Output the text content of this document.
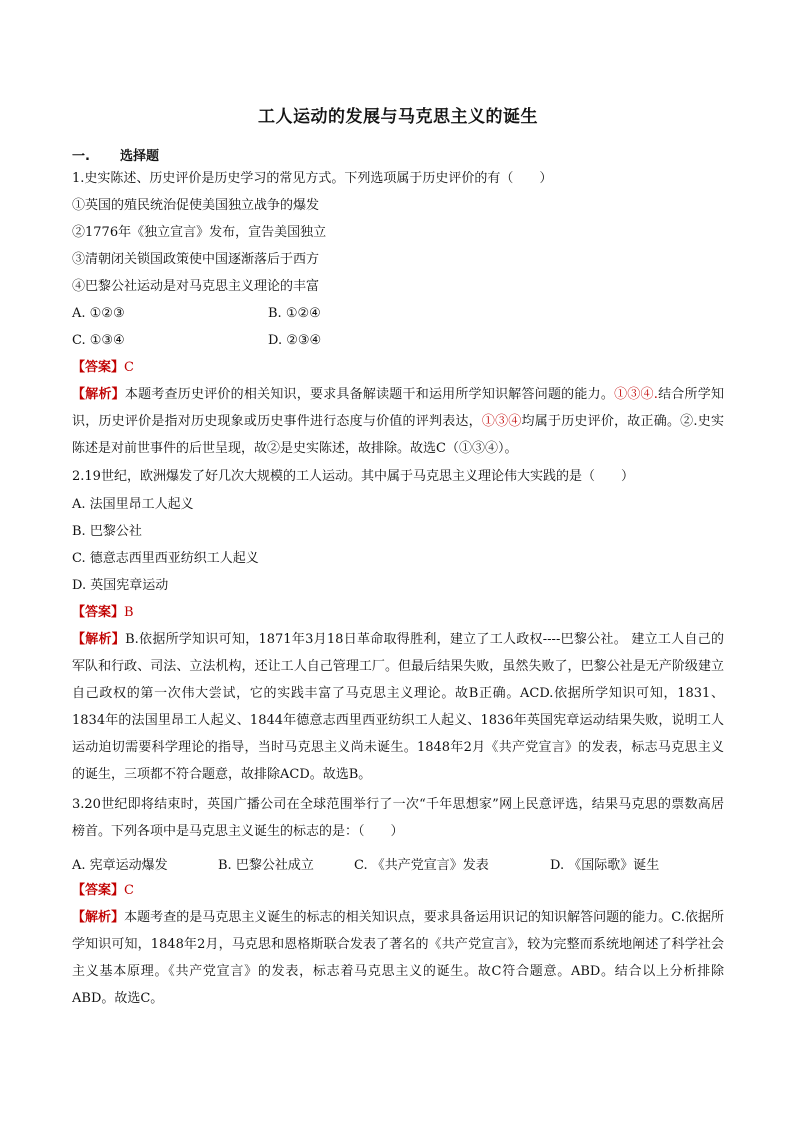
工人运动的发展与马克思主义的诞生
一. 选择题
1.史实陈述、历史评价是历史学习的常见方式。下列选项属于历史评价的有（　　）
①英国的殖民统治促使美国独立战争的爆发
②1776年《独立宣言》发布，宣告美国独立
③清朝闭关锁国政策使中国逐渐落后于西方
④巴黎公社运动是对马克思主义理论的丰富
A. ①②③	B. ①②④
C. ①③④	D. ②③④
【答案】C
【解析】本题考查历史评价的相关知识，要求具备解读题干和运用所学知识解答问题的能力。①③④.结合所学知识，历史评价是指对历史现象或历史事件进行态度与价值的评判表达，①③④均属于历史评价，故正确。②.史实陈述是对前世事件的后世呈现，故②是史实陈述，故排除。故选C（①③④）。
2.19世纪，欧洲爆发了好几次大规模的工人运动。其中属于马克思主义理论伟大实践的是（　　）
A. 法国里昂工人起义
B. 巴黎公社
C. 德意志西里西亚纺织工人起义
D. 英国宪章运动
【答案】B
【解析】B.依据所学知识可知，1871年3月18日革命取得胜利，建立了工人政权----巴黎公社。 建立工人自己的军队和行政、司法、立法机构，还让工人自己管理工厂。但最后结果失败，虽然失败了，巴黎公社是无产阶级建立自己政权的第一次伟大尝试，它的实践丰富了马克思主义理论。故B正确。ACD.依据所学知识可知，1831、1834年的法国里昂工人起义、1844年德意志西里西亚纺织工人起义、1836年英国宪章运动结果失败，说明工人运动迫切需要科学理论的指导，当时马克思主义尚未诞生。1848年2月《共产党宣言》的发表，标志马克思主义的诞生，三项都不符合题意，故排除ACD。故选B。
3.20世纪即将结束时，英国广播公司在全球范围举行了一次“千年思想家”网上民意评选，结果马克思的票数高居榜首。下列各项中是马克思主义诞生的标志的是：（　　）
A. 宪章运动爆发	B. 巴黎公社成立	C. 《共产党宣言》发表	D. 《国际歌》诞生
【答案】C
【解析】本题考查的是马克思主义诞生的标志的相关知识点，要求具备运用识记的知识解答问题的能力。C.依据所学知识可知，1848年2月，马克思和恩格斯联合发表了著名的《共产党宣言》，较为完整而系统地阐述了科学社会主义基本原理。《共产党宣言》的发表，标志着马克思主义的诞生。故C符合题意。ABD。结合以上分析排除ABD。故选C。
